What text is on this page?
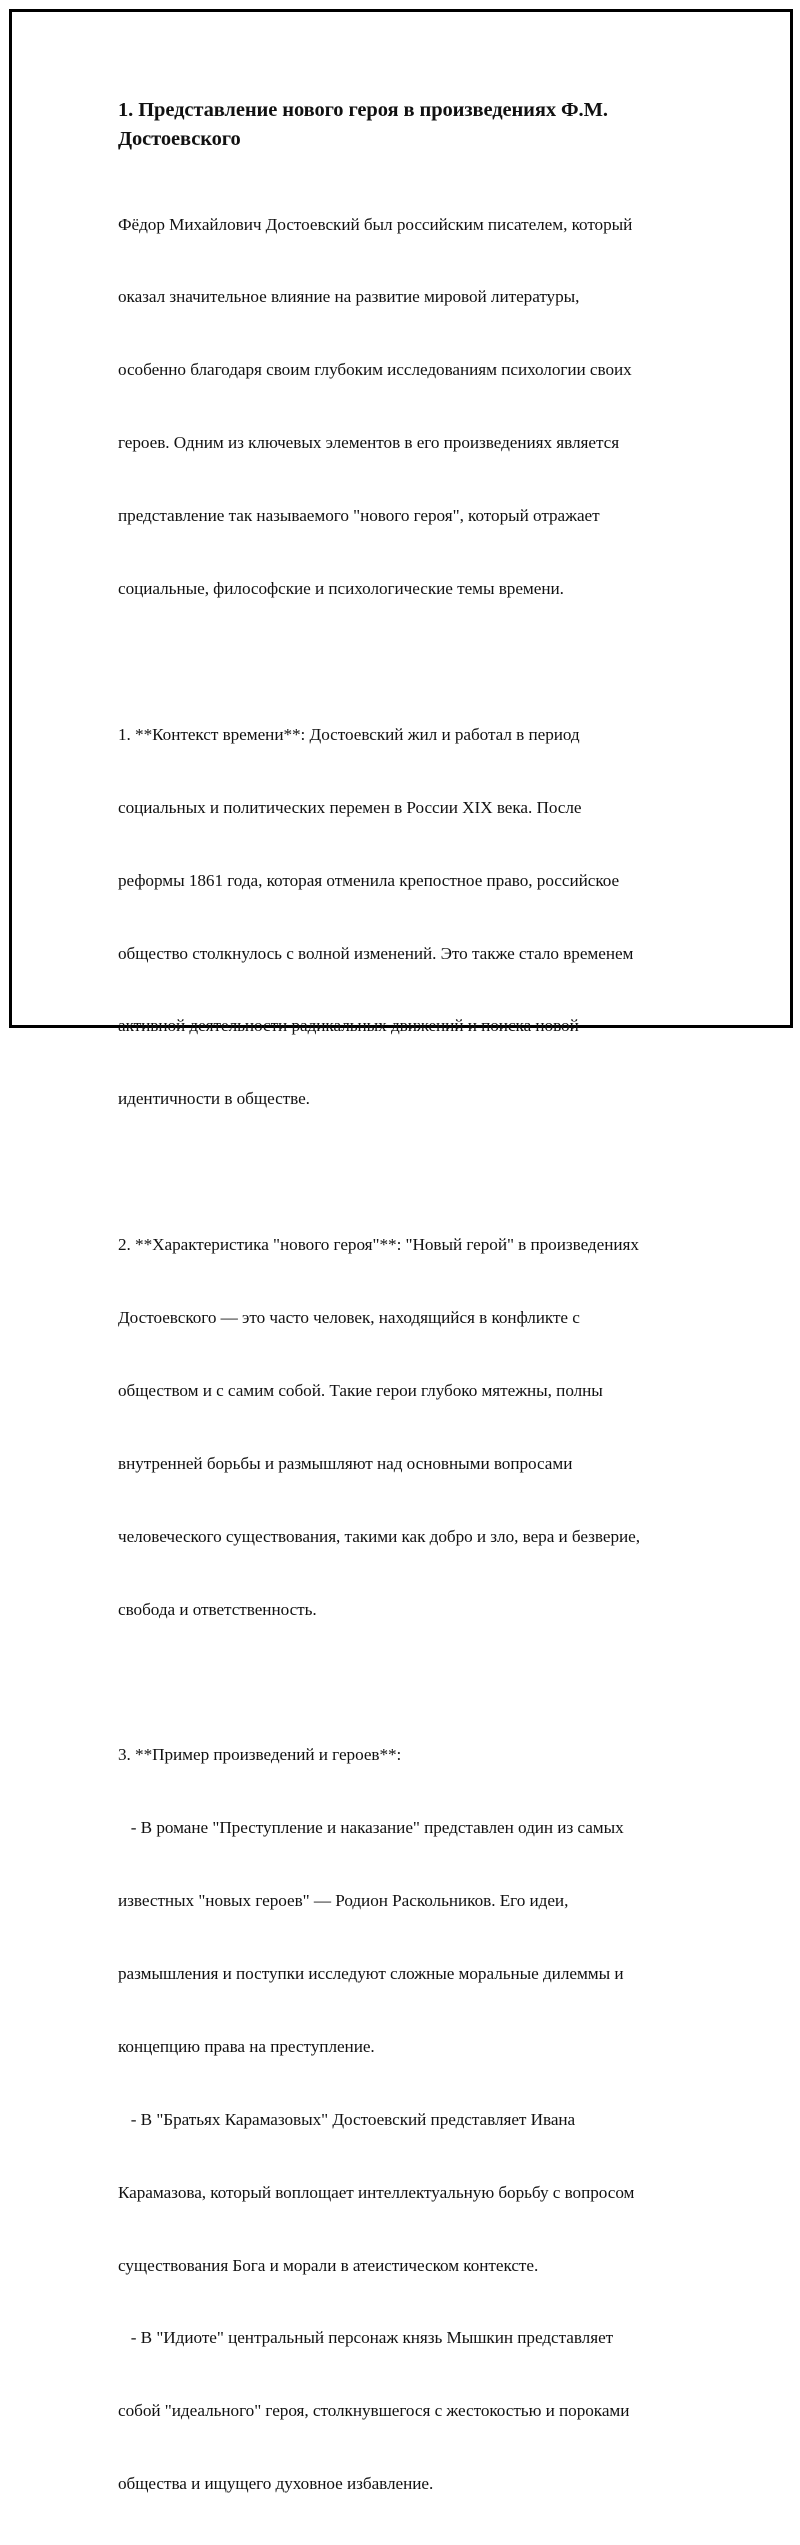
1. Представление нового героя в произведениях Ф.М.
Достоевского

Фёдор Михайлович Достоевский был российским писателем, который

оказал значительное влияние на развитие мировой литературы,

особенно благодаря своим глубоким исследованиям психологии своих

героев. Одним из ключевых элементов в его произведениях является

представление так называемого "нового героя", который отражает

социальные, философские и психологические темы времени.

1. **Контекст времени**: Достоевский жил и работал в период

социальных и политических перемен в России XIX века. После

реформы 1861 года, которая отменила крепостное право, российское

общество столкнулось с волной изменений. Это также стало временем

активной деятельности радикальных движений и поиска новой

идентичности в обществе.

2. **Характеристика "нового героя"**: "Новый герой" в произведениях

Достоевского — это часто человек, находящийся в конфликте с

обществом и с самим собой. Такие герои глубоко мятежны, полны

внутренней борьбы и размышляют над основными вопросами

человеческого существования, такими как добро и зло, вера и безверие,

свобода и ответственность.

3. **Пример произведений и героев**:

- В романе "Преступление и наказание" представлен один из самых

известных "новых героев" — Родион Раскольников. Его идеи,

размышления и поступки исследуют сложные моральные дилеммы и

концепцию права на преступление.

- В "Братьях Карамазовых" Достоевский представляет Ивана

Карамазова, который воплощает интеллектуальную борьбу с вопросом

существования Бога и морали в атеистическом контексте.

- В "Идиоте" центральный персонаж князь Мышкин представляет

собой "идеального" героя, столкнувшегося с жестокостью и пороками

общества и ищущего духовное избавление.
